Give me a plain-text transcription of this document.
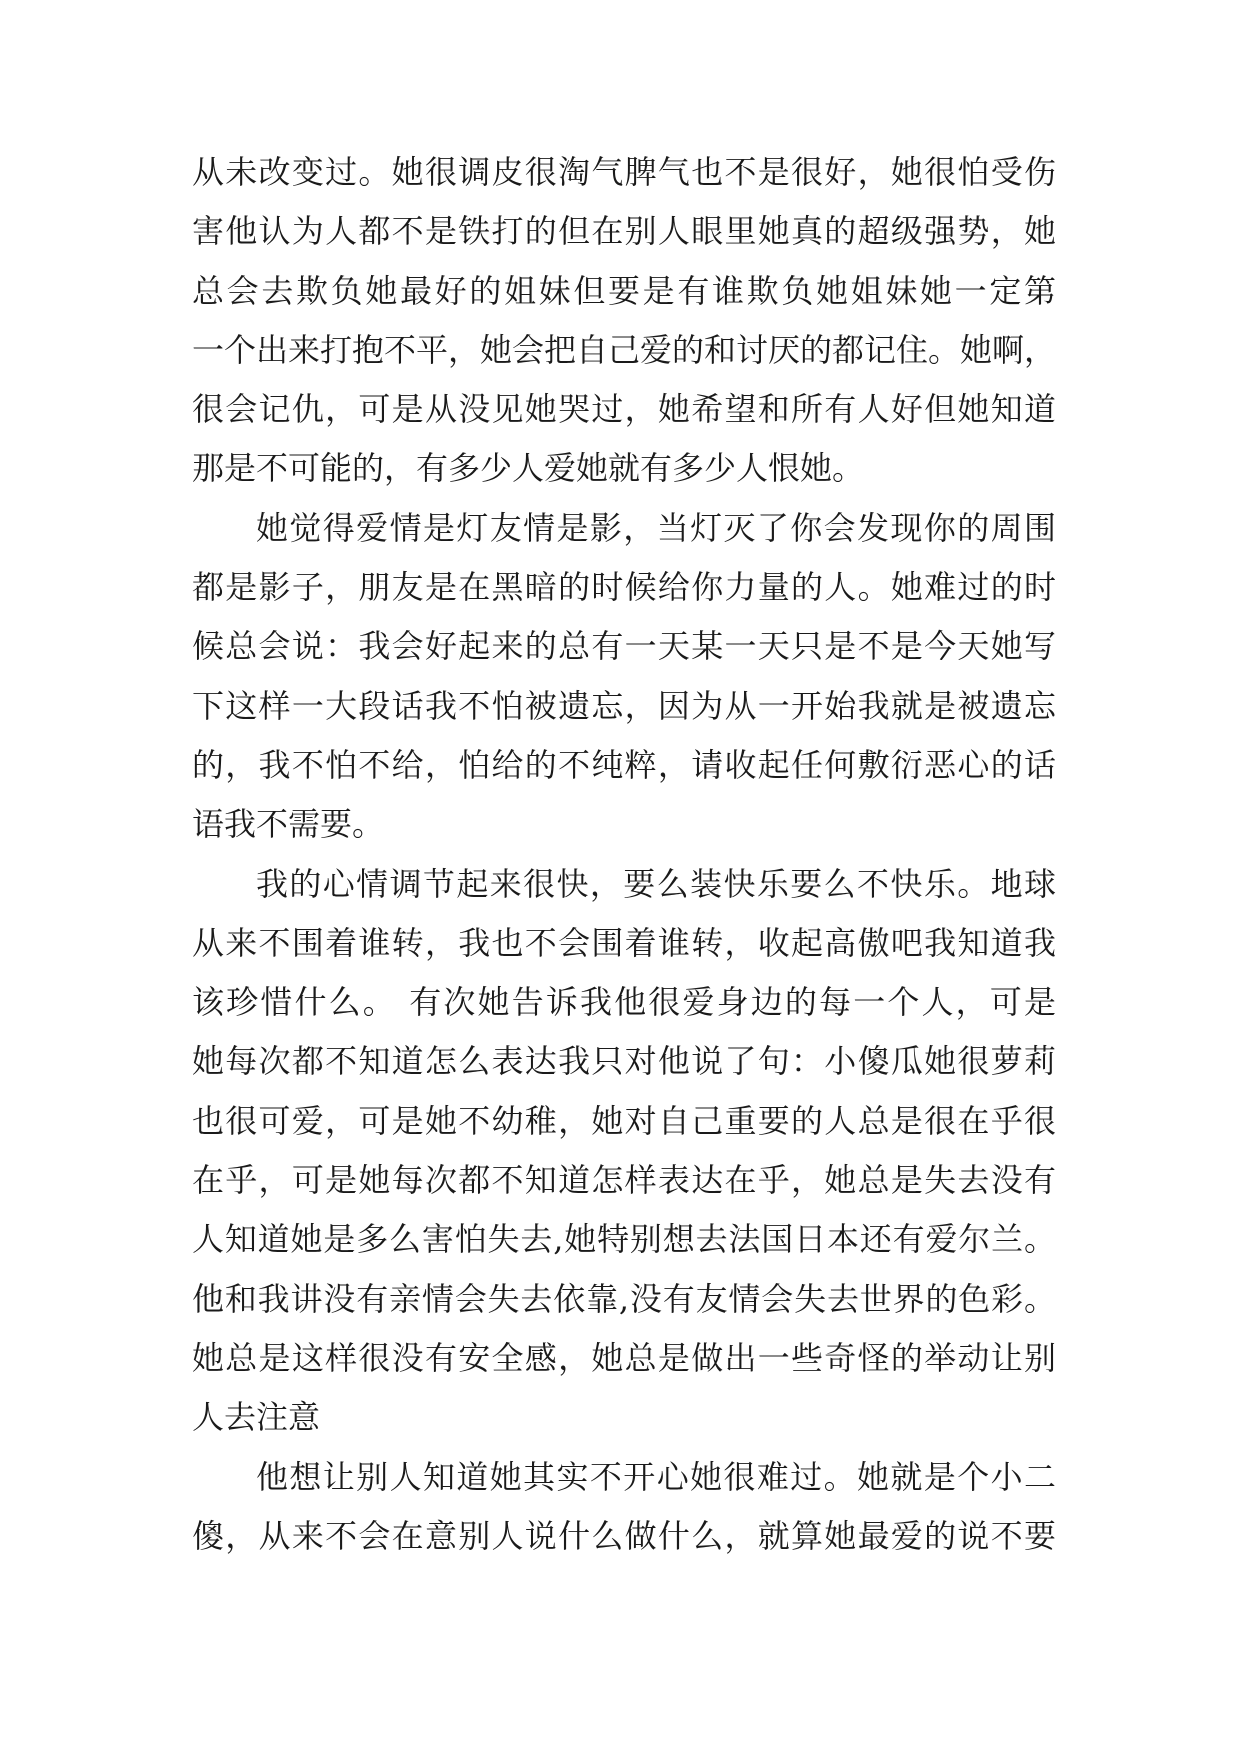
从未改变过。她很调皮很淘气脾气也不是很好，她很怕受伤
害他认为人都不是铁打的但在别人眼里她真的超级强势，她
总会去欺负她最好的姐妹但要是有谁欺负她姐妹她一定第
一个出来打抱不平，她会把自己爱的和讨厌的都记住。她啊，
很会记仇，可是从没见她哭过，她希望和所有人好但她知道
那是不可能的，有多少人爱她就有多少人恨她。
她觉得爱情是灯友情是影，当灯灭了你会发现你的周围
都是影子，朋友是在黑暗的时候给你力量的人。她难过的时
候总会说：我会好起来的总有一天某一天只是不是今天她写
下这样一大段话我不怕被遗忘，因为从一开始我就是被遗忘
的，我不怕不给，怕给的不纯粹，请收起任何敷衍恶心的话
语我不需要。
我的心情调节起来很快，要么装快乐要么不快乐。地球
从来不围着谁转，我也不会围着谁转，收起高傲吧我知道我
该珍惜什么。 有次她告诉我他很爱身边的每一个人，可是
她每次都不知道怎么表达我只对他说了句：小傻瓜她很萝莉
也很可爱，可是她不幼稚，她对自己重要的人总是很在乎很
在乎，可是她每次都不知道怎样表达在乎，她总是失去没有
人知道她是多么害怕失去,她特别想去法国日本还有爱尔兰。
他和我讲没有亲情会失去依靠,没有友情会失去世界的色彩。
她总是这样很没有安全感，她总是做出一些奇怪的举动让别
人去注意
他想让别人知道她其实不开心她很难过。她就是个小二
傻，从来不会在意别人说什么做什么，就算她最爱的说不要
